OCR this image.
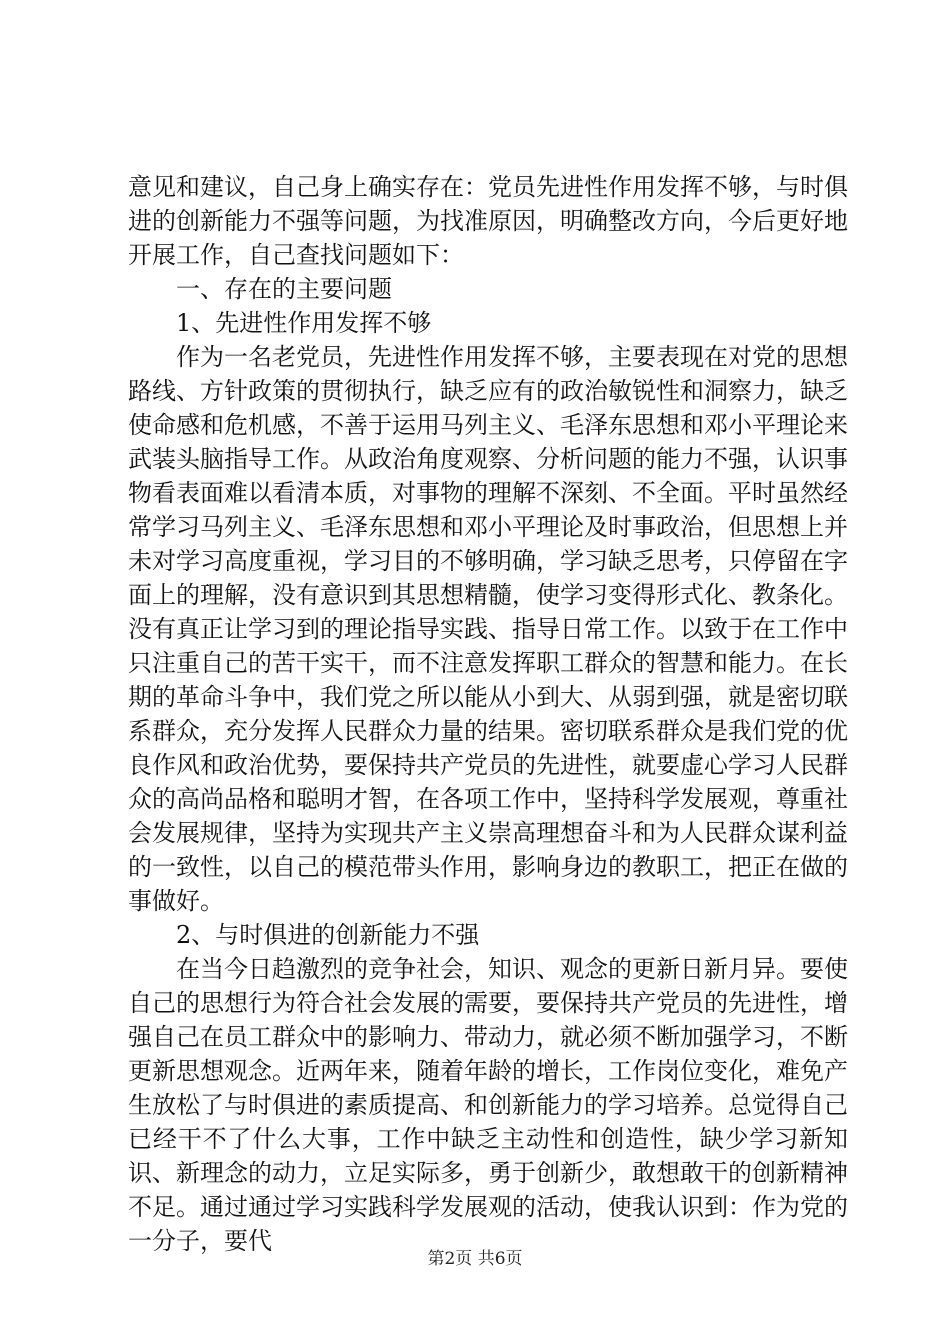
意见和建议，自己身上确实存在：党员先进性作用发挥不够，与时俱进的创新能力不强等问题，为找准原因，明确整改方向，今后更好地开展工作，自己查找问题如下：

一、存在的主要问题

1、先进性作用发挥不够

作为一名老党员，先进性作用发挥不够，主要表现在对党的思想路线、方针政策的贯彻执行，缺乏应有的政治敏锐性和洞察力，缺乏使命感和危机感，不善于运用马列主义、毛泽东思想和邓小平理论来武装头脑指导工作。从政治角度观察、分析问题的能力不强，认识事物看表面难以看清本质，对事物的理解不深刻、不全面。平时虽然经常学习马列主义、毛泽东思想和邓小平理论及时事政治，但思想上并未对学习高度重视，学习目的不够明确，学习缺乏思考，只停留在字面上的理解，没有意识到其思想精髓，使学习变得形式化、教条化。没有真正让学习到的理论指导实践、指导日常工作。以致于在工作中只注重自己的苦干实干，而不注意发挥职工群众的智慧和能力。在长期的革命斗争中，我们党之所以能从小到大、从弱到强，就是密切联系群众，充分发挥人民群众力量的结果。密切联系群众是我们党的优良作风和政治优势，要保持共产党员的先进性，就要虚心学习人民群众的高尚品格和聪明才智，在各项工作中，坚持科学发展观，尊重社会发展规律，坚持为实现共产主义崇高理想奋斗和为人民群众谋利益的一致性，以自己的模范带头作用，影响身边的教职工，把正在做的事做好。

2、与时俱进的创新能力不强

在当今日趋激烈的竞争社会，知识、观念的更新日新月异。要使自己的思想行为符合社会发展的需要，要保持共产党员的先进性，增强自己在员工群众中的影响力、带动力，就必须不断加强学习，不断更新思想观念。近两年来，随着年龄的增长，工作岗位变化，难免产生放松了与时俱进的素质提高、和创新能力的学习培养。总觉得自己已经干不了什么大事，工作中缺乏主动性和创造性，缺少学习新知识、新理念的动力，立足实际多，勇于创新少，敢想敢干的创新精神不足。通过通过学习实践科学发展观的活动，使我认识到：作为党的一分子，要代

第2页 共6页
